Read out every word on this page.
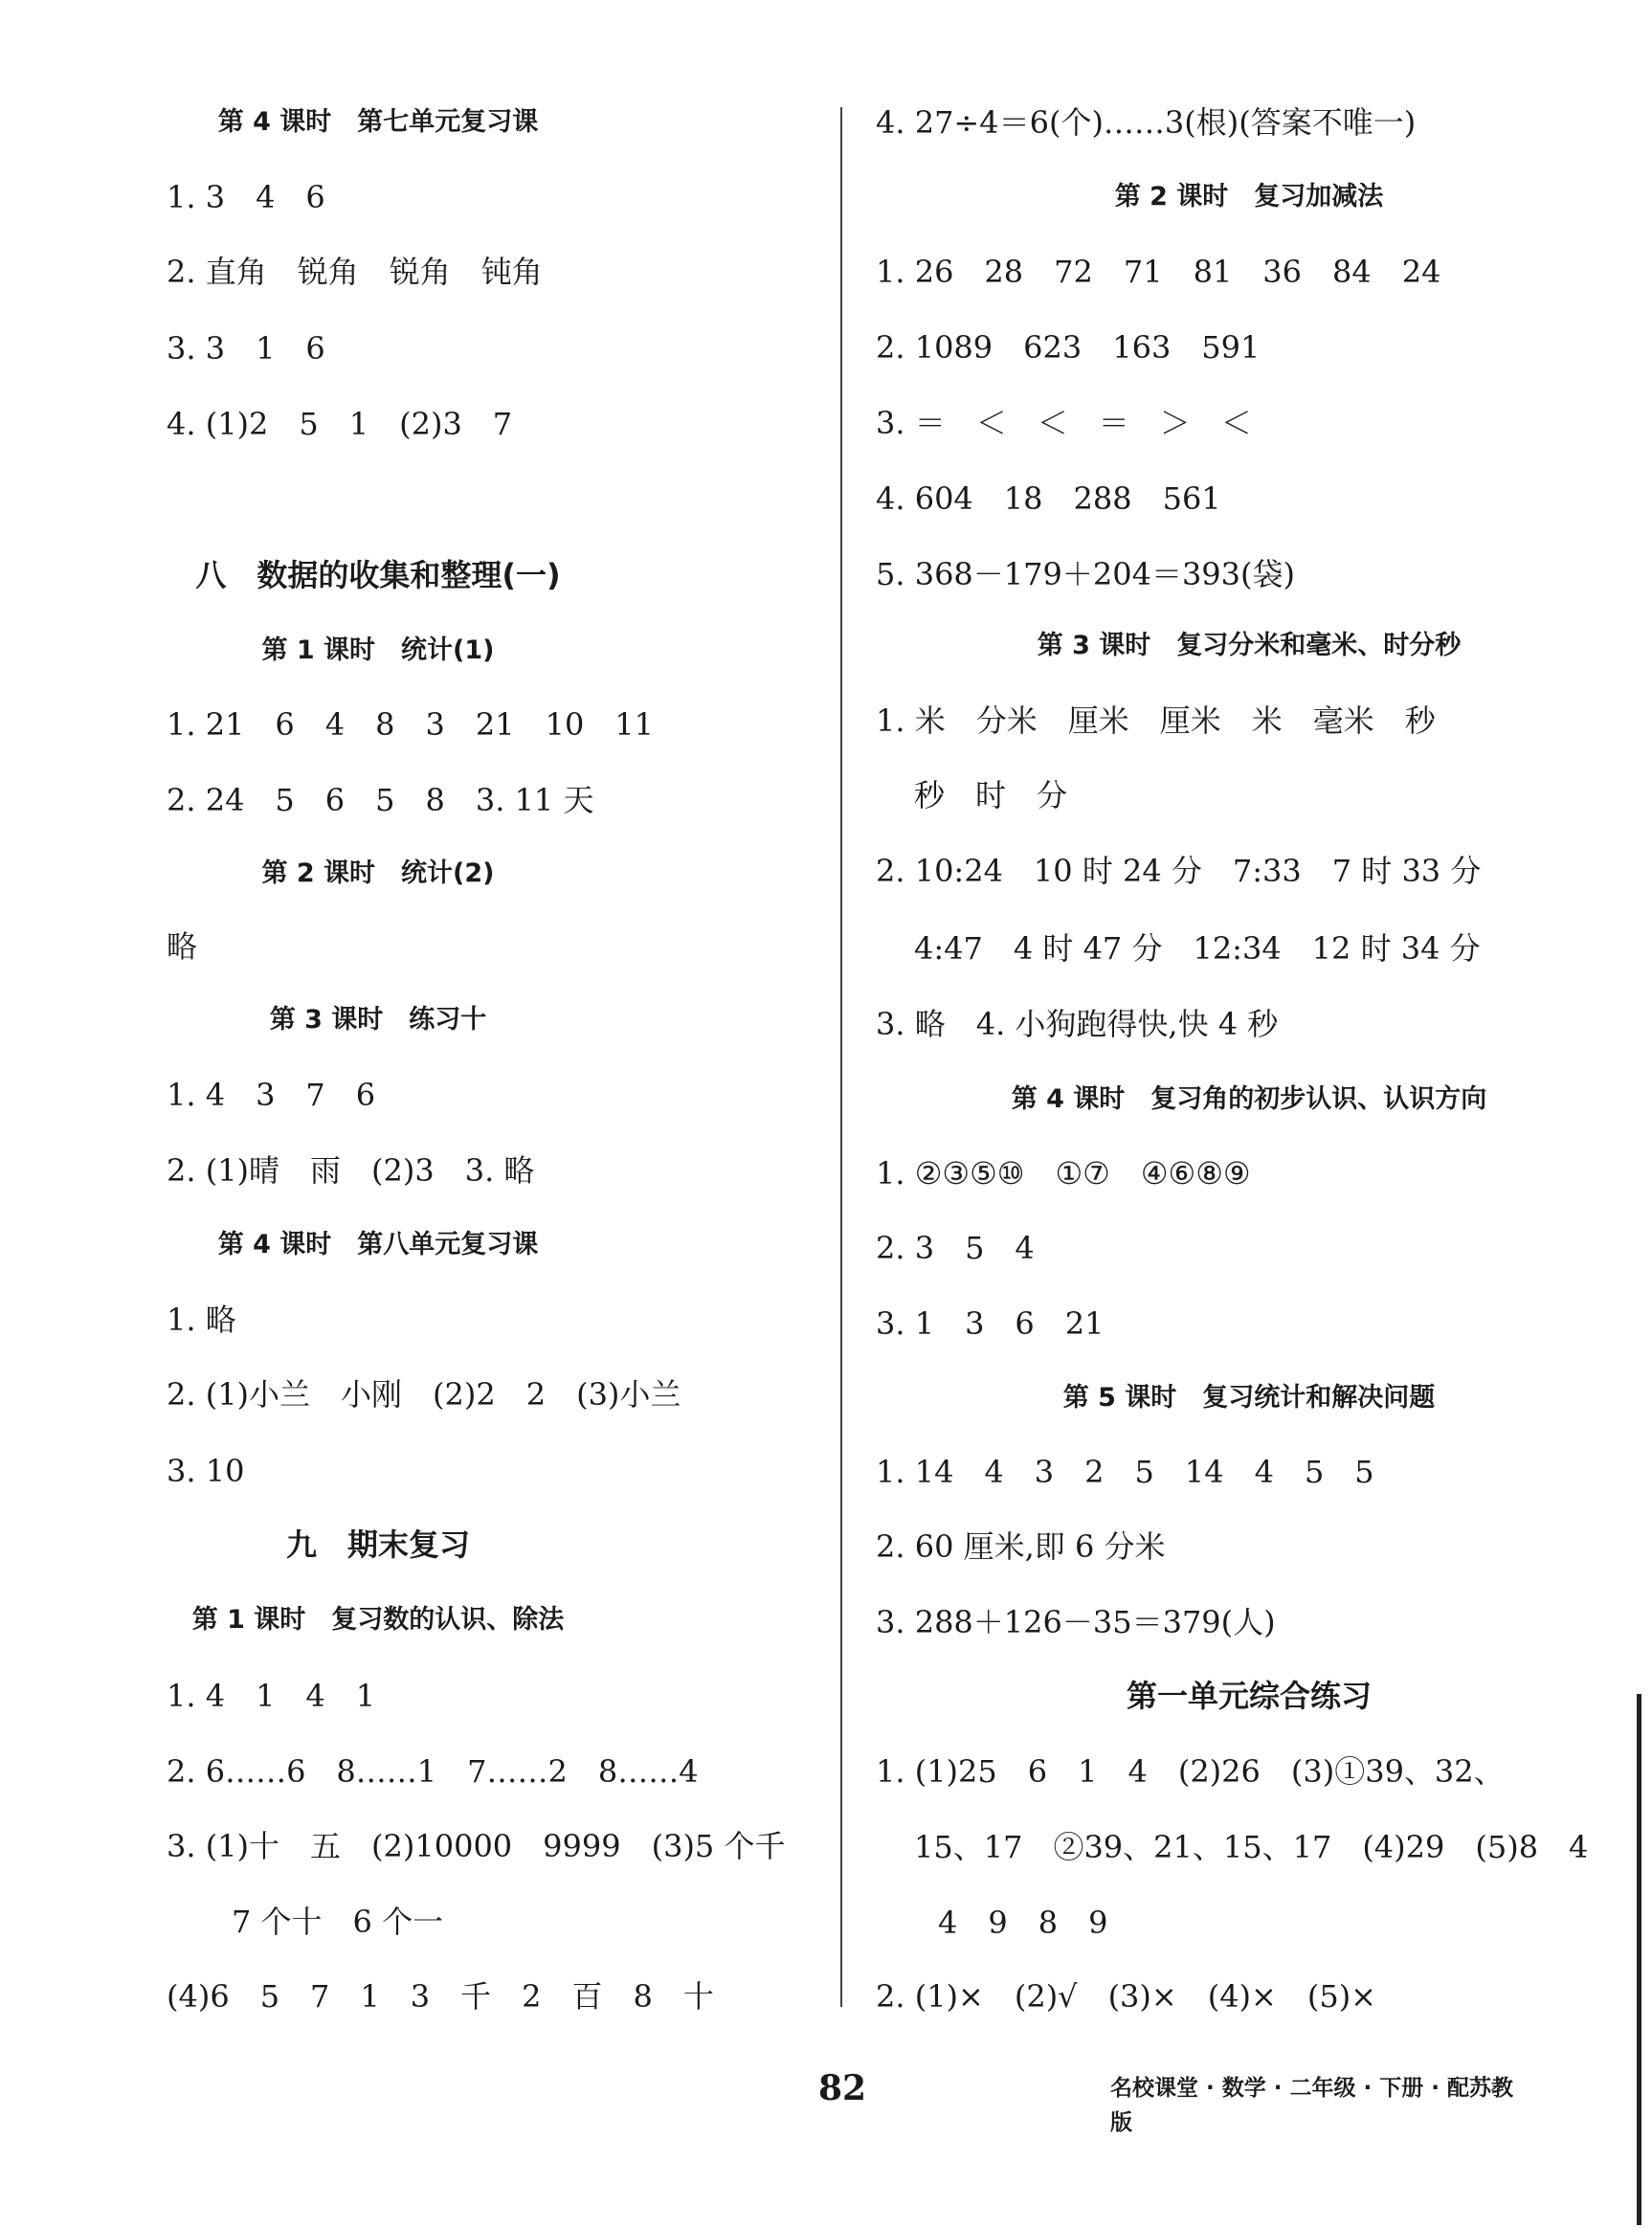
第 4 课时　第七单元复习课
1. 3　4　6
2. 直角　锐角　锐角　钝角
3. 3　1　6
4. (1)2　5　1　(2)3　7
八　数据的收集和整理(一)
第 1 课时　统计(1)
1. 21　6　4　8　3　21　10　11
2. 24　5　6　5　8　3. 11 天
第 2 课时　统计(2)
略
第 3 课时　练习十
1. 4　3　7　6
2. (1)晴　雨　(2)3　3. 略
第 4 课时　第八单元复习课
1. 略
2. (1)小兰　小刚　(2)2　2　(3)小兰
3. 10
九　期末复习
第 1 课时　复习数的认识、除法
1. 4　1　4　1
2. 6……6　8……1　7……2　8……4
3. (1)十　五　(2)10000　9999　(3)5 个千
7 个十　6 个一
(4)6　5　7　1　3　千　2　百　8　十
4. 27÷4＝6(个)……3(根)(答案不唯一)
第 2 课时　复习加减法
1. 26　28　72　71　81　36　84　24
2. 1089　623　163　591
3. ＝　＜　＜　＝　＞　＜
4. 604　18　288　561
5. 368－179＋204＝393(袋)
第 3 课时　复习分米和毫米、时分秒
1. 米　分米　厘米　厘米　米　毫米　秒
秒　时　分
2. 10:24　10 时 24 分　7:33　7 时 33 分
4:47　4 时 47 分　12:34　12 时 34 分
3. 略　4. 小狗跑得快,快 4 秒
第 4 课时　复习角的初步认识、认识方向
1. ②③⑤⑩　①⑦　④⑥⑧⑨
2. 3　5　4
3. 1　3　6　21
第 5 课时　复习统计和解决问题
1. 14　4　3　2　5　14　4　5　5
2. 60 厘米,即 6 分米
3. 288＋126－35＝379(人)
第一单元综合练习
1. (1)25　6　1　4　(2)26　(3)①39、32、
15、17　②39、21、15、17　(4)29　(5)8　4
4　9　8　9
2. (1)×　(2)√　(3)×　(4)×　(5)×
82	名校课堂 · 数学 · 二年级 · 下册 · 配苏教版
